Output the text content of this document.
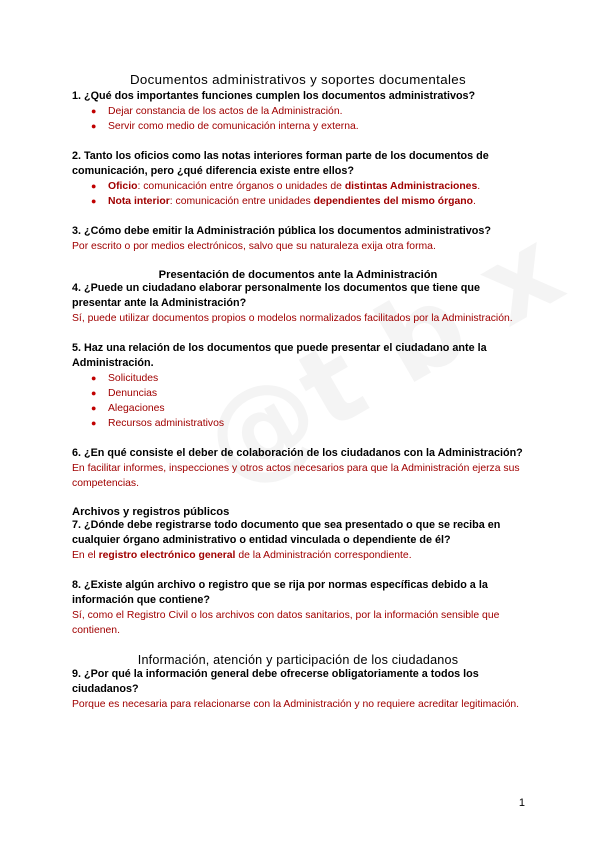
Documentos administrativos y soportes documentales

1. ¿Qué dos importantes funciones cumplen los documentos administrativos?

● Dejar constancia de los actos de la Administración.
● Servir como medio de comunicación interna y externa.

2. Tanto los oficios como las notas interiores forman parte de los documentos de comunicación, pero ¿qué diferencia existe entre ellos?

● Oficio: comunicación entre órganos o unidades de distintas Administraciones.
● Nota interior: comunicación entre unidades dependientes del mismo órgano.

3. ¿Cómo debe emitir la Administración pública los documentos administrativos?

Por escrito o por medios electrónicos, salvo que su naturaleza exija otra forma.

Presentación de documentos ante la Administración

4. ¿Puede un ciudadano elaborar personalmente los documentos que tiene que presentar ante la Administración?

Sí, puede utilizar documentos propios o modelos normalizados facilitados por la Administración.

5. Haz una relación de los documentos que puede presentar el ciudadano ante la Administración.

● Solicitudes
● Denuncias
● Alegaciones
● Recursos administrativos

6. ¿En qué consiste el deber de colaboración de los ciudadanos con la Administración?

En facilitar informes, inspecciones y otros actos necesarios para que la Administración ejerza sus competencias.

Archivos y registros públicos

7. ¿Dónde debe registrarse todo documento que sea presentado o que se reciba en cualquier órgano administrativo o entidad vinculada o dependiente de él?

En el registro electrónico general de la Administración correspondiente.

8. ¿Existe algún archivo o registro que se rija por normas específicas debido a la información que contiene?

Sí, como el Registro Civil o los archivos con datos sanitarios, por la información sensible que contienen.

Información, atención y participación de los ciudadanos

9. ¿Por qué la información general debe ofrecerse obligatoriamente a todos los ciudadanos?

Porque es necesaria para relacionarse con la Administración y no requiere acreditar legitimación.

1
